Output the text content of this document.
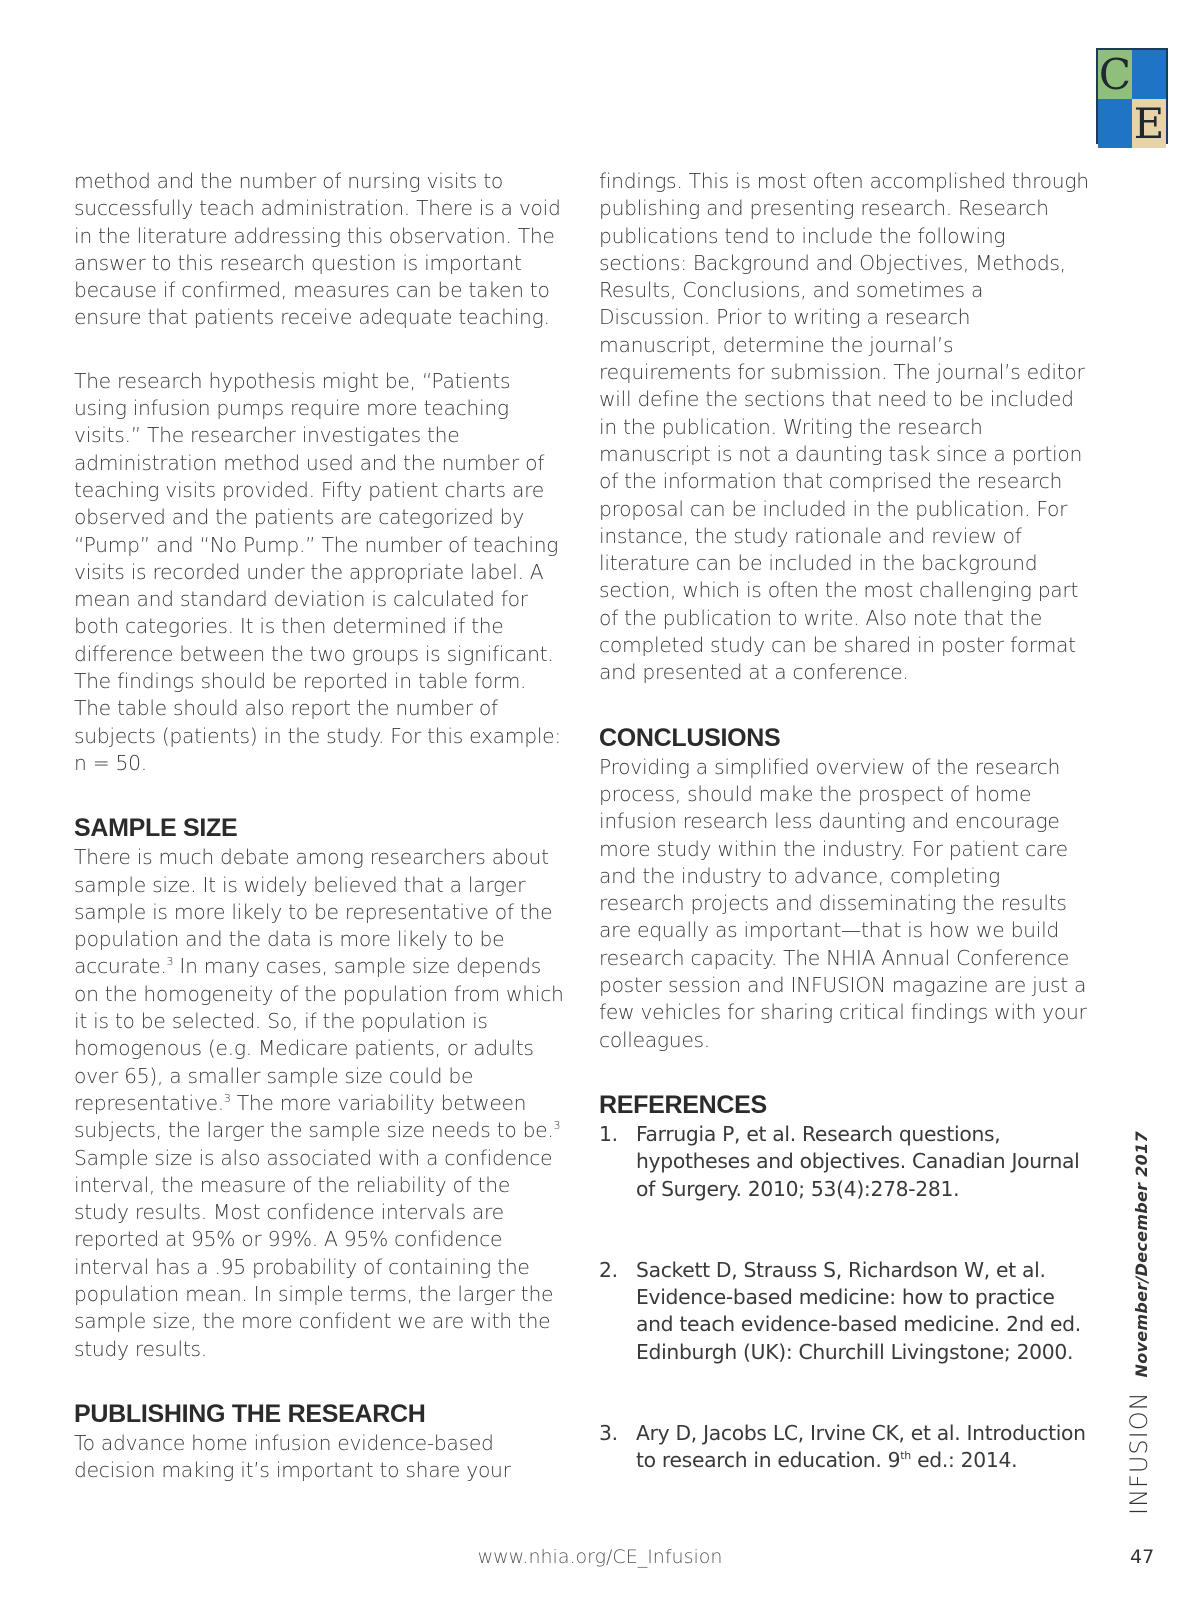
C
E

method and the number of nursing visits to successfully teach administration. There is a void in the literature addressing this observation. The answer to this research question is important because if confirmed, measures can be taken to ensure that patients receive adequate teaching.

The research hypothesis might be, “Patients using infusion pumps require more teaching visits.” The researcher investigates the administration method used and the number of teaching visits provided. Fifty patient charts are observed and the patients are categorized by “Pump” and “No Pump.” The number of teaching visits is recorded under the appropriate label. A mean and standard deviation is calculated for both categories. It is then determined if the difference between the two groups is significant. The findings should be reported in table form. The table should also report the number of subjects (patients) in the study. For this example: n = 50.

SAMPLE SIZE

There is much debate among researchers about sample size. It is widely believed that a larger sample is more likely to be representative of the population and the data is more likely to be accurate.$^3$ In many cases, sample size depends on the homogeneity of the population from which it is to be selected. So, if the population is homogenous (e.g. Medicare patients, or adults over 65), a smaller sample size could be representative.$^3$ The more variability between subjects, the larger the sample size needs to be.$^3$ Sample size is also associated with a confidence interval, the measure of the reliability of the study results. Most confidence intervals are reported at 95% or 99%. A 95% confidence interval has a .95 probability of containing the population mean. In simple terms, the larger the sample size, the more confident we are with the study results.

PUBLISHING THE RESEARCH

To advance home infusion evidence-based decision making it’s important to share your

findings. This is most often accomplished through publishing and presenting research. Research publications tend to include the following sections: Background and Objectives, Methods, Results, Conclusions, and sometimes a Discussion. Prior to writing a research manuscript, determine the journal’s requirements for submission. The journal’s editor will define the sections that need to be included in the publication. Writing the research manuscript is not a daunting task since a portion of the information that comprised the research proposal can be included in the publication. For instance, the study rationale and review of literature can be included in the background section, which is often the most challenging part of the publication to write. Also note that the completed study can be shared in poster format and presented at a conference.

CONCLUSIONS

Providing a simplified overview of the research process, should make the prospect of home infusion research less daunting and encourage more study within the industry. For patient care and the industry to advance, completing research projects and disseminating the results are equally as important—that is how we build research capacity. The NHIA Annual Conference poster session and INFUSION magazine are just a few vehicles for sharing critical findings with your colleagues.

REFERENCES
1. Farrugia P, et al. Research questions, hypotheses and objectives. Canadian Journal of Surgery. 2010; 53(4):278-281.
2. Sackett D, Strauss S, Richardson W, et al. Evidence-based medicine: how to practice and teach evidence-based medicine. 2nd ed. Edinburgh (UK): Churchill Livingstone; 2000.
3. Ary D, Jacobs LC, Irvine CK, et al. Introduction to research in education. 9th ed.: 2014.	INFUSION
November/December 2017
www.nhia.org/CE_Infusion	47
